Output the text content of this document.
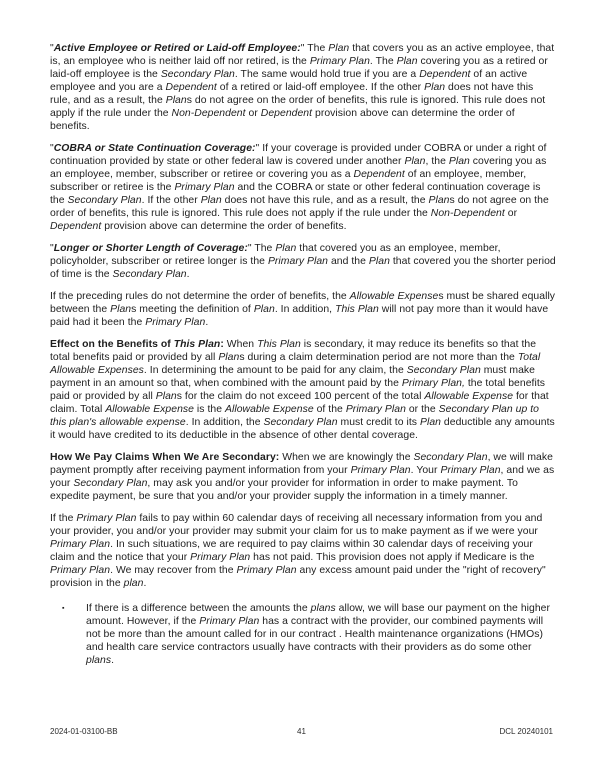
"Active Employee or Retired or Laid-off Employee:" The Plan that covers you as an active employee, that is, an employee who is neither laid off nor retired, is the Primary Plan. The Plan covering you as a retired or laid-off employee is the Secondary Plan. The same would hold true if you are a Dependent of an active employee and you are a Dependent of a retired or laid-off employee. If the other Plan does not have this rule, and as a result, the Plans do not agree on the order of benefits, this rule is ignored. This rule does not apply if the rule under the Non-Dependent or Dependent provision above can determine the order of benefits.

"COBRA or State Continuation Coverage:" If your coverage is provided under COBRA or under a right of continuation provided by state or other federal law is covered under another Plan, the Plan covering you as an employee, member, subscriber or retiree or covering you as a Dependent of an employee, member, subscriber or retiree is the Primary Plan and the COBRA or state or other federal continuation coverage is the Secondary Plan. If the other Plan does not have this rule, and as a result, the Plans do not agree on the order of benefits, this rule is ignored. This rule does not apply if the rule under the Non-Dependent or Dependent provision above can determine the order of benefits.

"Longer or Shorter Length of Coverage:" The Plan that covered you as an employee, member, policyholder, subscriber or retiree longer is the Primary Plan and the Plan that covered you the shorter period of time is the Secondary Plan.

If the preceding rules do not determine the order of benefits, the Allowable Expenses must be shared equally between the Plans meeting the definition of Plan. In addition, This Plan will not pay more than it would have paid had it been the Primary Plan.

Effect on the Benefits of This Plan: When This Plan is secondary, it may reduce its benefits so that the total benefits paid or provided by all Plans during a claim determination period are not more than the Total Allowable Expenses. In determining the amount to be paid for any claim, the Secondary Plan must make payment in an amount so that, when combined with the amount paid by the Primary Plan, the total benefits paid or provided by all Plans for the claim do not exceed 100 percent of the total Allowable Expense for that claim. Total Allowable Expense is the Allowable Expense of the Primary Plan or the Secondary Plan up to this plan's allowable expense. In addition, the Secondary Plan must credit to its Plan deductible any amounts it would have credited to its deductible in the absence of other dental coverage.

How We Pay Claims When We Are Secondary: When we are knowingly the Secondary Plan, we will make payment promptly after receiving payment information from your Primary Plan. Your Primary Plan, and we as your Secondary Plan, may ask you and/or your provider for information in order to make payment. To expedite payment, be sure that you and/or your provider supply the information in a timely manner.

If the Primary Plan fails to pay within 60 calendar days of receiving all necessary information from you and your provider, you and/or your provider may submit your claim for us to make payment as if we were your Primary Plan. In such situations, we are required to pay claims within 30 calendar days of receiving your claim and the notice that your Primary Plan has not paid. This provision does not apply if Medicare is the Primary Plan. We may recover from the Primary Plan any excess amount paid under the "right of recovery" provision in the plan.

▪	If there is a difference between the amounts the plans allow, we will base our payment on the higher amount. However, if the Primary Plan has a contract with the provider, our combined payments will not be more than the amount called for in our contract . Health maintenance organizations (HMOs) and health care service contractors usually have contracts with their providers as do some other plans.
2024-01-03100-BB	41	DCL 20240101
